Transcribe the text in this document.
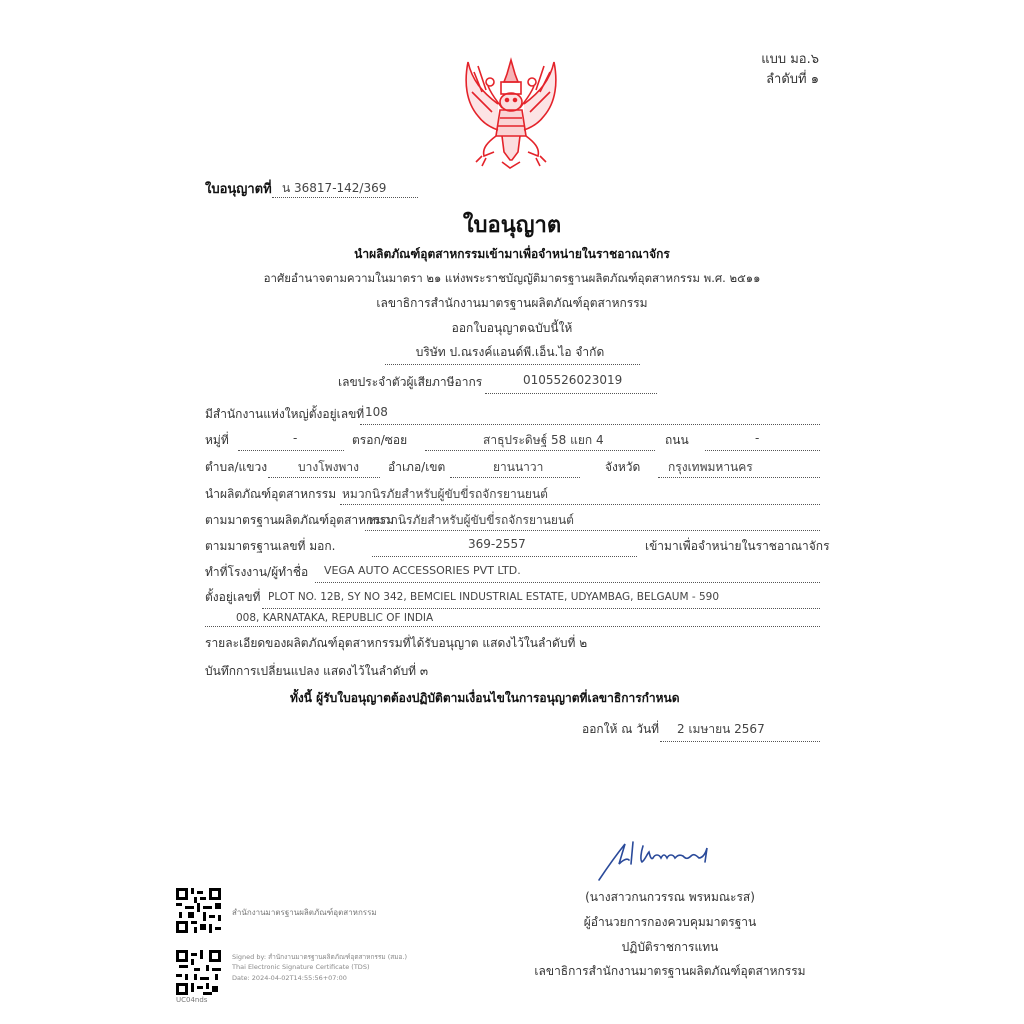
แบบ มอ.๖
ลำดับที่ ๑
ใบอนุญาตที่ น 36817-142/369
ใบอนุญาต
นำผลิตภัณฑ์อุตสาหกรรมเข้ามาเพื่อจำหน่ายในราชอาณาจักร
อาศัยอำนาจตามความในมาตรา ๒๑ แห่งพระราชบัญญัติมาตรฐานผลิตภัณฑ์อุตสาหกรรม พ.ศ. ๒๕๑๑
เลขาธิการสำนักงานมาตรฐานผลิตภัณฑ์อุตสาหกรรม
ออกใบอนุญาตฉบับนี้ให้
บริษัท ป.ณรงค์แอนด์พี.เอ็น.ไอ จำกัด
เลขประจำตัวผู้เสียภาษีอากร	0105526023019
มีสำนักงานแห่งใหญ่ตั้งอยู่เลขที่ 108
หมู่ที่	-	ตรอก/ซอย	สาธุประดิษฐ์ 58 แยก 4	ถนน	-
ตำบล/แขวง	บางโพงพาง อำเภอ/เขต	ยานนาวา	จังหวัด กรุงเทพมหานคร
นำผลิตภัณฑ์อุตสาหกรรม หมวกนิรภัยสำหรับผู้ขับขี่รถจักรยานยนต์
ตามมาตรฐานผลิตภัณฑ์อุตสาหกรรม
หมวกนิรภัยสำหรับผู้ขับขี่รถจักรยานยนต์
ตามมาตรฐานเลขที่ มอก.	369-2557	เข้ามาเพื่อจำหน่ายในราชอาณาจักร
ทำที่โรงงาน/ผู้ทำชื่อ VEGA AUTO ACCESSORIES PVT LTD.
ตั้งอยู่เลขที่ PLOT NO. 12B, SY NO 342, BEMCIEL INDUSTRIAL ESTATE, UDYAMBAG, BELGAUM - 590
008, KARNATAKA, REPUBLIC OF INDIA
รายละเอียดของผลิตภัณฑ์อุตสาหกรรมที่ได้รับอนุญาต แสดงไว้ในลำดับที่ ๒
บันทึกการเปลี่ยนแปลง แสดงไว้ในลำดับที่ ๓
ทั้งนี้ ผู้รับใบอนุญาตต้องปฏิบัติตามเงื่อนไขในการอนุญาตที่เลขาธิการกำหนด
ออกให้ ณ วันที่ 2 เมษายน 2567
(นางสาวกนกวรรณ พรหมณะรส)
ผู้อำนวยการกองควบคุมมาตรฐาน
ปฏิบัติราชการแทน
เลขาธิการสำนักงานมาตรฐานผลิตภัณฑ์อุตสาหกรรม
สำนักงานมาตรฐานผลิตภัณฑ์อุตสาหกรรม
UC04nds
Signed by: สำนักงานมาตรฐานผลิตภัณฑ์อุตสาหกรรม (สมอ.)
Thai Electronic Signature Certificate (TDS)
Date: 2024-04-02T14:55:56+07:00
